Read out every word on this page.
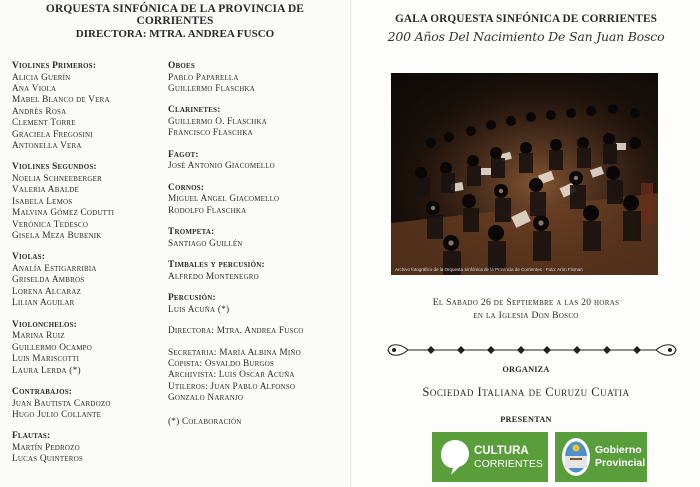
ORQUESTA SINFÓNICA DE LA PROVINCIA DE CORRIENTES
DIRECTORA: MTRA. ANDREA FUSCO
Violines Primeros:
Alicia Guerín
Ana Viola
Mabel Blanco de Vera
Andrés Rosa
Clement Torre
Graciela Fregosini
Antonella Vera
Violines Segundos:
Noelia Schneeberger
Valeria Abalde
Isabela Lemos
Malvina Gómez Codutti
Verónica Tedesco
Gisela Meza Bubenik
Violas:
Analía Estigarribia
Griselda Ambros
Lorena Alcaraz
Lilian Aguilar
Violonchelos:
Marina Ruiz
Guillermo Ocampo
Luis Mariscotti
Laura Lerda (*)
Contrabajos:
Juan Bautista Cardozo
Hugo Julio Collante
Flautas:
Martín Pedrozo
Lucas Quinteros
Oboes
Pablo Paparella
Guillermo Flaschka
Clarinetes:
Guillermo O. Flaschka
Francisco Flaschka
Fagot:
José Antonio Giacomello
Cornos:
Miguel Angel Giacomello
Rodolfo Flaschka
Trompeta:
Santiago Guillén
Timbales y percusión:
Alfredo Montenegro
Percusión:
Luis Acuña (*)
Directora: Mtra. Andrea Fusco
Secretaria: María Albina Miño
Copista: Osvaldo Burgos
Archivista: Luis Oscar Acuña
Utileros: Juan Pablo Alfonso
Gonzalo Naranjo
(*) Colaboración
GALA ORQUESTA SINFÓNICA DE CORRIENTES
200 Años Del Nacimiento De San Juan Bosco
Archivo fotográfico de la Orquesta Sinfónica de la Provincia de Corrientes · Foto: Arón Fisman
El Sabado 26 de Septiembre a las 20 horas
en la Iglesia Don Bosco
ORGANIZA
Sociedad Italiana de Curuzu Cuatia
PRESENTAN
CULTURA
CORRIENTES
Gobierno
Provincial
